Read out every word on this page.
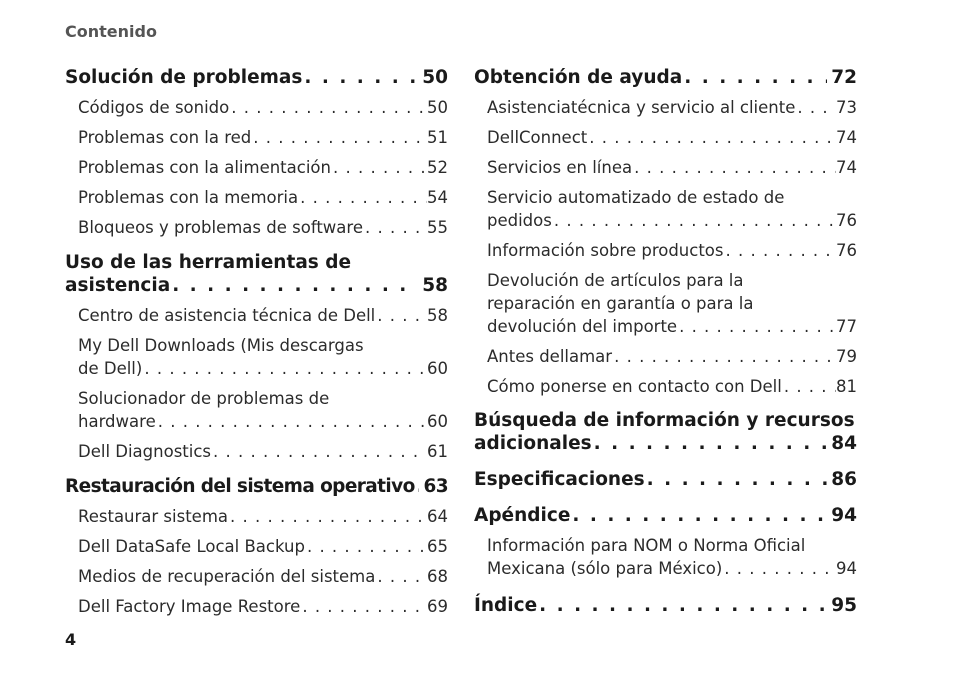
Contenido
Solución de problemas . . .	50
Códigos de sonido . . .	50
Problemas con la red . . .	51
Problemas con la alimentación . . .	52
Problemas con la memoria . . .	54
Bloqueos y problemas de software . . .	55
Uso de las herramientas de
asistencia . . .	58
Centro de asistencia técnica de Dell . . .	58
My Dell Downloads (Mis descargas
de Dell) . . .	60
Solucionador de problemas de
hardware . . .	60
Dell Diagnostics . . .	61
Restauración del sistema operativo . . . 63
Restaurar sistema . . .	64
Dell DataSafe Local Backup . . .	65
Medios de recuperación del sistema . . .	68
Dell Factory Image Restore . . .	69
Obtención de ayuda . . .	72
Asistenciatécnica y servicio al cliente . . . 73
DellConnect . . .	74
Servicios en línea . . .	74
Servicio automatizado de estado de
pedidos . . .	76
Información sobre productos . . .	76
Devolución de artículos para la
reparación en garantía o para la
devolución del importe . . .	77
Antes dellamar . . .	79
Cómo ponerse en contacto con Dell . . .	81
Búsqueda de información y recursos
adicionales . . .	84
Especificaciones . . .	86
Apéndice . . .	94
Información para NOM o Norma Oficial
Mexicana (sólo para México) . . .	94
Índice . . .	95
4
